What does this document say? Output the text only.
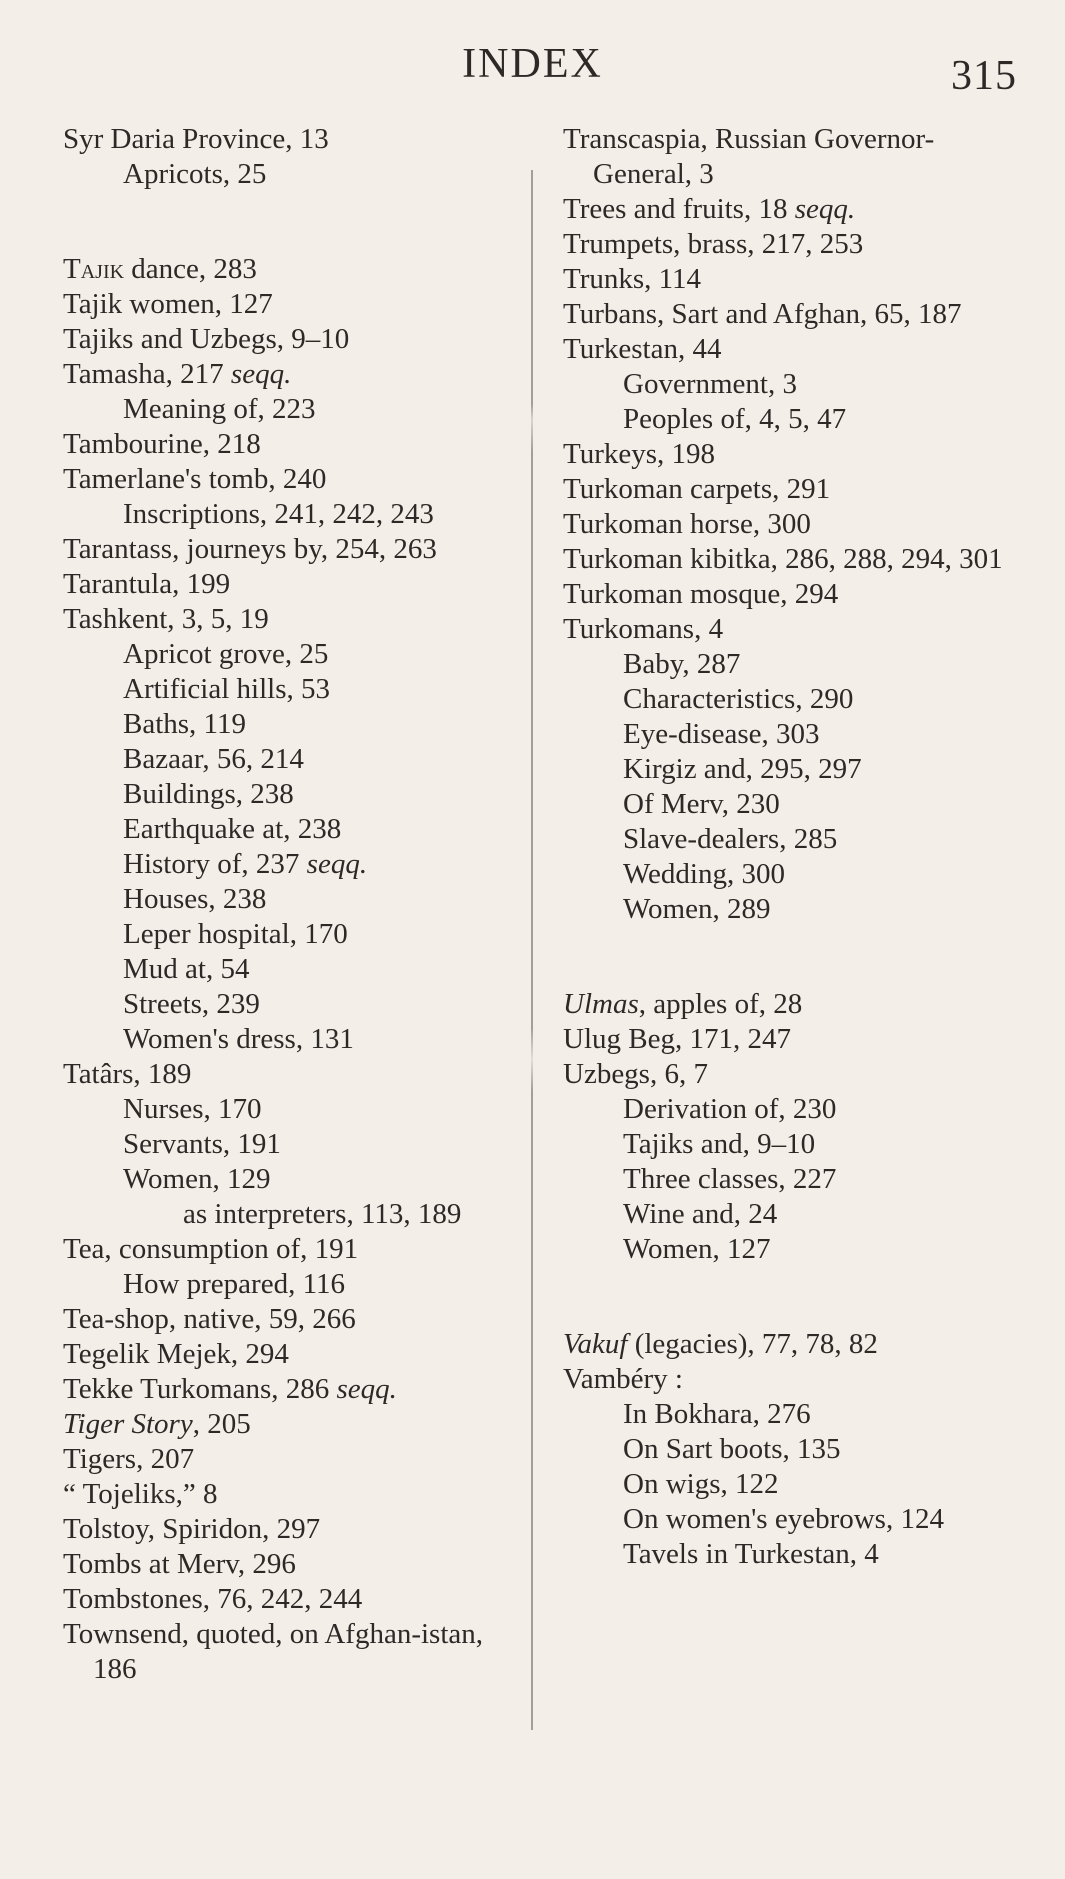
INDEX	315
Syr Daria Province, 13
Apricots, 25
Tajik dance, 283
Tajik women, 127
Tajiks and Uzbegs, 9–10
Tamasha, 217 seqq.
Meaning of, 223
Tambourine, 218
Tamerlane's tomb, 240
Inscriptions, 241, 242, 243
Tarantass, journeys by, 254, 263
Tarantula, 199
Tashkent, 3, 5, 19
Apricot grove, 25
Artificial hills, 53
Baths, 119
Bazaar, 56, 214
Buildings, 238
Earthquake at, 238
History of, 237 seqq.
Houses, 238
Leper hospital, 170
Mud at, 54
Streets, 239
Women's dress, 131
Tatârs, 189
Nurses, 170
Servants, 191
Women, 129
as interpreters, 113, 189
Tea, consumption of, 191
How prepared, 116
Tea-shop, native, 59, 266
Tegelik Mejek, 294
Tekke Turkomans, 286 seqq.
Tiger Story, 205
Tigers, 207
“ Tojeliks,” 8
Tolstoy, Spiridon, 297
Tombs at Merv, 296
Tombstones, 76, 242, 244
Townsend, quoted, on Afghan-istan, 186
Transcaspia, Russian Governor-General, 3
Trees and fruits, 18 seqq.
Trumpets, brass, 217, 253
Trunks, 114
Turbans, Sart and Afghan, 65, 187
Turkestan, 44
Government, 3
Peoples of, 4, 5, 47
Turkeys, 198
Turkoman carpets, 291
Turkoman horse, 300
Turkoman kibitka, 286, 288, 294, 301
Turkoman mosque, 294
Turkomans, 4
Baby, 287
Characteristics, 290
Eye-disease, 303
Kirgiz and, 295, 297
Of Merv, 230
Slave-dealers, 285
Wedding, 300
Women, 289
Ulmas, apples of, 28
Ulug Beg, 171, 247
Uzbegs, 6, 7
Derivation of, 230
Tajiks and, 9–10
Three classes, 227
Wine and, 24
Women, 127
Vakuf (legacies), 77, 78, 82
Vambéry :
In Bokhara, 276
On Sart boots, 135
On wigs, 122
On women's eyebrows, 124
Tavels in Turkestan, 4
